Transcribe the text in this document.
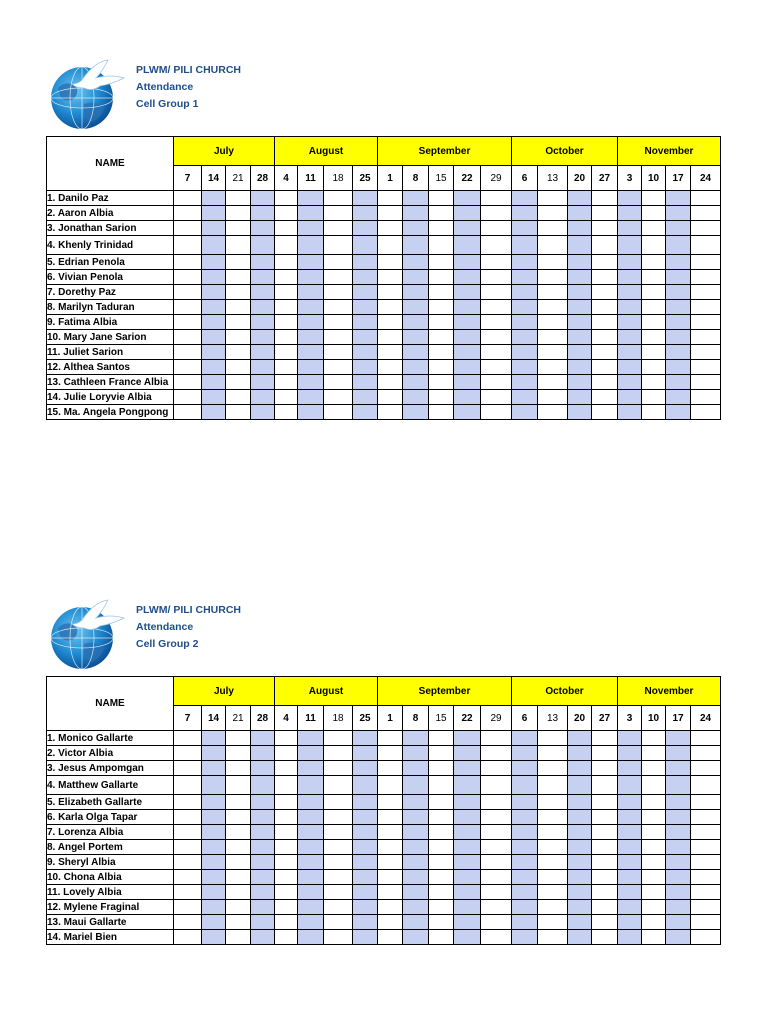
PLWM/ PILI CHURCH
Attendance
Cell Group 1
NAME	July				August				September					October				November			
	7	14	21	28	4	11	18	25	1	8	15	22	29	6	13	20	27	3	10	17	24
1. Danilo Paz																					
2. Aaron Albia																					
3. Jonathan Sarion																					
4. Khenly Trinidad																					
5. Edrian Penola																					
6. Vivian Penola																					
7. Dorethy Paz																					
8. Marilyn Taduran																					
9. Fatima Albia																					
10. Mary Jane Sarion																					
11. Juliet Sarion																					
12. Althea Santos																					
13. Cathleen France Albia																					
14. Julie Loryvie Albia																					
15. Ma. Angela Pongpong																					
PLWM/ PILI CHURCH
Attendance
Cell Group 2
NAME	July				August				September					October				November			
	7	14	21	28	4	11	18	25	1	8	15	22	29	6	13	20	27	3	10	17	24
1. Monico Gallarte																					
2. Victor Albia																					
3. Jesus Ampomgan																					
4. Matthew Gallarte																					
5. Elizabeth Gallarte																					
6. Karla Olga Tapar																					
7. Lorenza Albia																					
8. Angel Portem																					
9. Sheryl Albia																					
10. Chona Albia																					
11. Lovely Albia																					
12. Mylene Fraginal																					
13. Maui Gallarte																					
14. Mariel Bien																					
